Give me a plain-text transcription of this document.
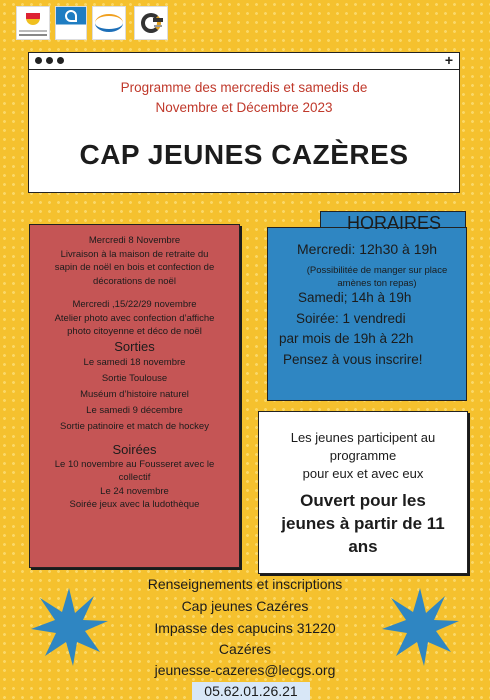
+
Programme des mercredis et samedis de
Novembre et Décembre 2023
CAP JEUNES CAZÈRES
Mercredi 8 Novembre
Livraison à la maison de retraite du
sapin de noël en bois et confection de
décorations de noël
Mercredi ,15/22/29 novembre
Atelier photo avec confection d’affiche
photo citoyenne et déco de noël
Sorties
Le samedi 18 novembre
Sortie Toulouse
Muséum d’histoire naturel
Le samedi 9 décembre
Sortie patinoire et match de hockey
Soirées
Le 10 novembre au Fousseret avec le
collectif
Le 24 novembre
Soirée jeux avec la ludothèque
HORAIRES
Mercredi: 12h30 à 19h
(Possibilitée de manger sur place
amènes ton repas)
Samedi; 14h à 19h
Soirée: 1 vendredi
par mois de 19h à 22h
Pensez à vous inscrire!
Les jeunes participent au
programme
pour eux et avec eux
Ouvert pour les
jeunes à partir de 11
ans
Renseignements et inscriptions
Cap jeunes Cazéres
Impasse des capucins 31220
Cazéres
jeunesse-cazeres@lecgs.org
05.62.01.26.21
